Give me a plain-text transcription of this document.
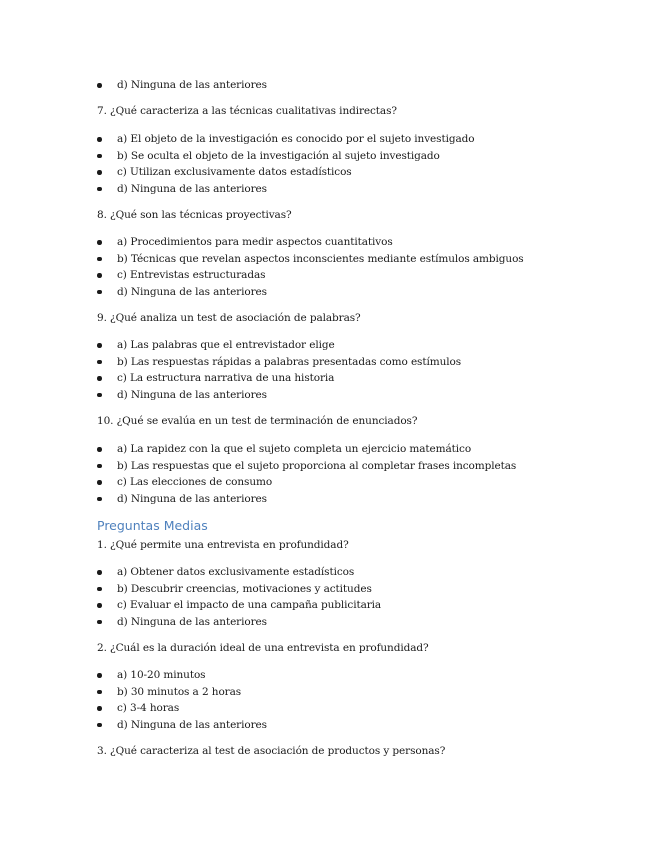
d) Ninguna de las anteriores
7. ¿Qué caracteriza a las técnicas cualitativas indirectas?
a) El objeto de la investigación es conocido por el sujeto investigado
b) Se oculta el objeto de la investigación al sujeto investigado
c) Utilizan exclusivamente datos estadísticos
d) Ninguna de las anteriores
8. ¿Qué son las técnicas proyectivas?
a) Procedimientos para medir aspectos cuantitativos
b) Técnicas que revelan aspectos inconscientes mediante estímulos ambiguos
c) Entrevistas estructuradas
d) Ninguna de las anteriores
9. ¿Qué analiza un test de asociación de palabras?
a) Las palabras que el entrevistador elige
b) Las respuestas rápidas a palabras presentadas como estímulos
c) La estructura narrativa de una historia
d) Ninguna de las anteriores
10. ¿Qué se evalúa en un test de terminación de enunciados?
a) La rapidez con la que el sujeto completa un ejercicio matemático
b) Las respuestas que el sujeto proporciona al completar frases incompletas
c) Las elecciones de consumo
d) Ninguna de las anteriores
Preguntas Medias
1. ¿Qué permite una entrevista en profundidad?
a) Obtener datos exclusivamente estadísticos
b) Descubrir creencias, motivaciones y actitudes
c) Evaluar el impacto de una campaña publicitaria
d) Ninguna de las anteriores
2. ¿Cuál es la duración ideal de una entrevista en profundidad?
a) 10-20 minutos
b) 30 minutos a 2 horas
c) 3-4 horas
d) Ninguna de las anteriores
3. ¿Qué caracteriza al test de asociación de productos y personas?
